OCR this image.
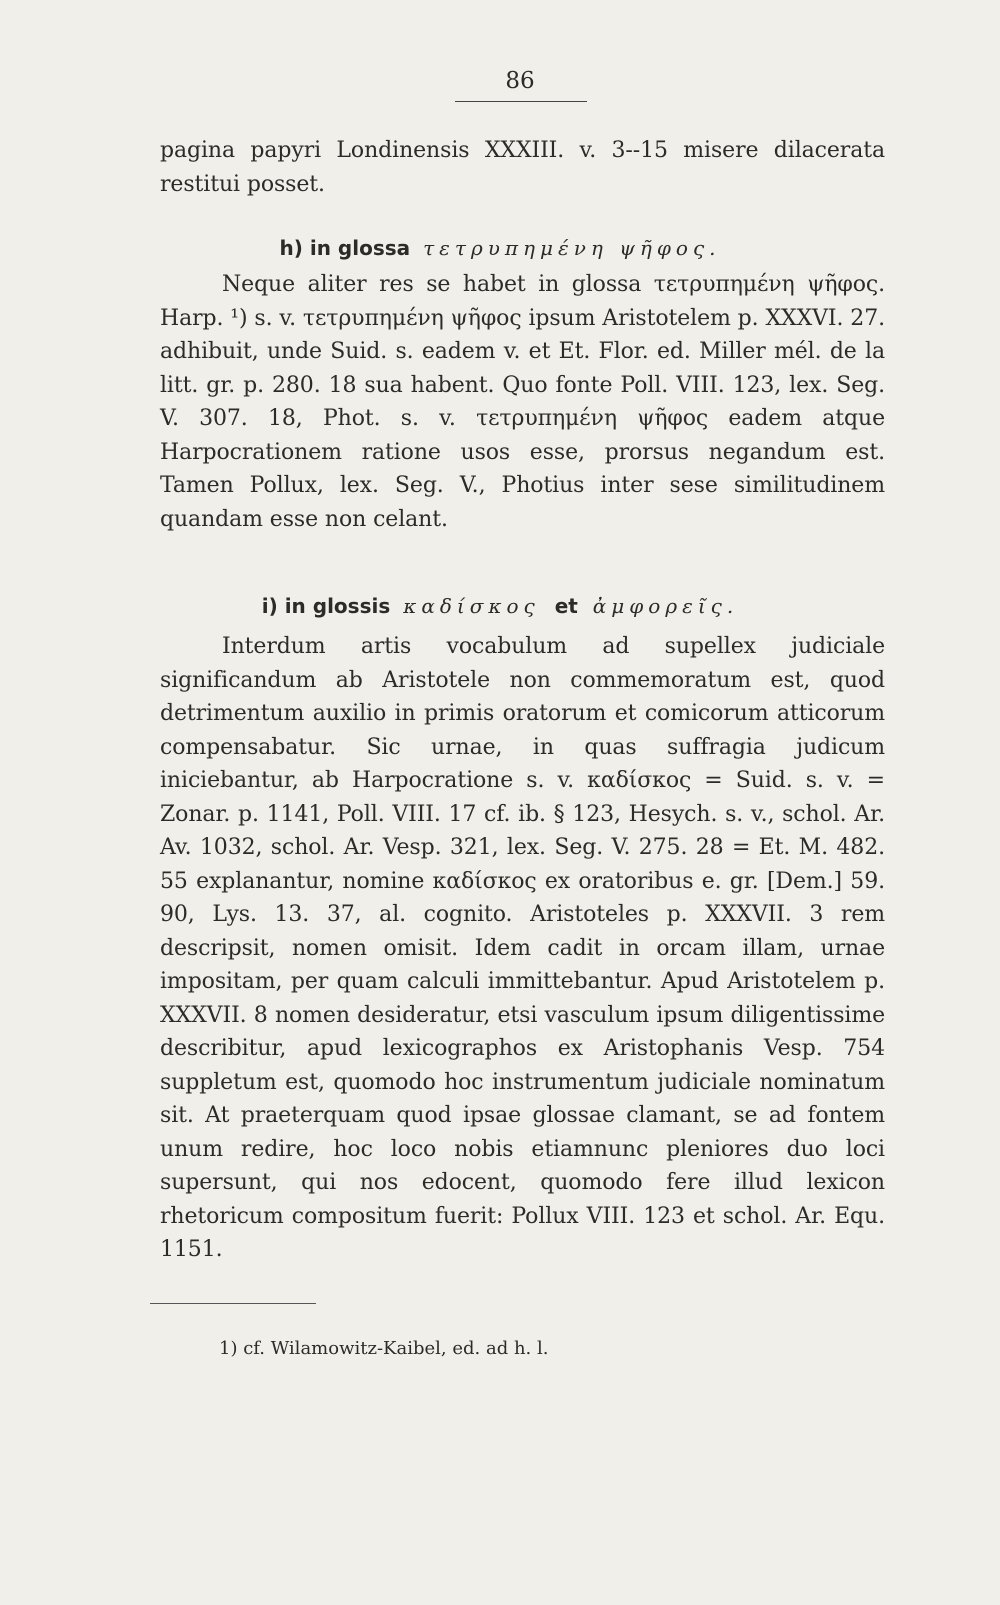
86

pagina papyri Londinensis XXXIII. v. 3--15 misere dilacerata restitui posset.

h) in glossa τετρυπημένη ψῆφος.

Neque aliter res se habet in glossa τετρυπημένη ψῆφος. Harp. ¹) s. v. τετρυπημένη ψῆφος ipsum Aristotelem p. XXXVI. 27. adhibuit, unde Suid. s. eadem v. et Et. Flor. ed. Miller mél. de la litt. gr. p. 280. 18 sua habent. Quo fonte Poll. VIII. 123, lex. Seg. V. 307. 18, Phot. s. v. τετρυπημένη ψῆφος eadem atque Harpocrationem ratione usos esse, prorsus negandum est. Tamen Pollux, lex. Seg. V., Photius inter sese similitudinem quandam esse non celant.

i) in glossis καδίσκος et ἀμφορεῖς.

Interdum artis vocabulum ad supellex judiciale significandum ab Aristotele non commemoratum est, quod detrimentum auxilio in primis oratorum et comicorum atticorum compensabatur. Sic urnae, in quas suffragia judicum iniciebantur, ab Harpocratione s. v. καδίσκος = Suid. s. v. = Zonar. p. 1141, Poll. VIII. 17 cf. ib. § 123, Hesych. s. v., schol. Ar. Av. 1032, schol. Ar. Vesp. 321, lex. Seg. V. 275. 28 = Et. M. 482. 55 explanantur, nomine καδίσκος ex oratoribus e. gr. [Dem.] 59. 90, Lys. 13. 37, al. cognito. Aristoteles p. XXXVII. 3 rem descripsit, nomen omisit. Idem cadit in orcam illam, urnae impositam, per quam calculi immittebantur. Apud Aristotelem p. XXXVII. 8 nomen desideratur, etsi vasculum ipsum diligentissime describitur, apud lexicographos ex Aristophanis Vesp. 754 suppletum est, quomodo hoc instrumentum judiciale nominatum sit. At praeterquam quod ipsae glossae clamant, se ad fontem unum redire, hoc loco nobis etiamnunc pleniores duo loci supersunt, qui nos edocent, quomodo fere illud lexicon rhetoricum compositum fuerit: Pollux VIII. 123 et schol. Ar. Equ. 1151.

1) cf. Wilamowitz-Kaibel, ed. ad h. l.
